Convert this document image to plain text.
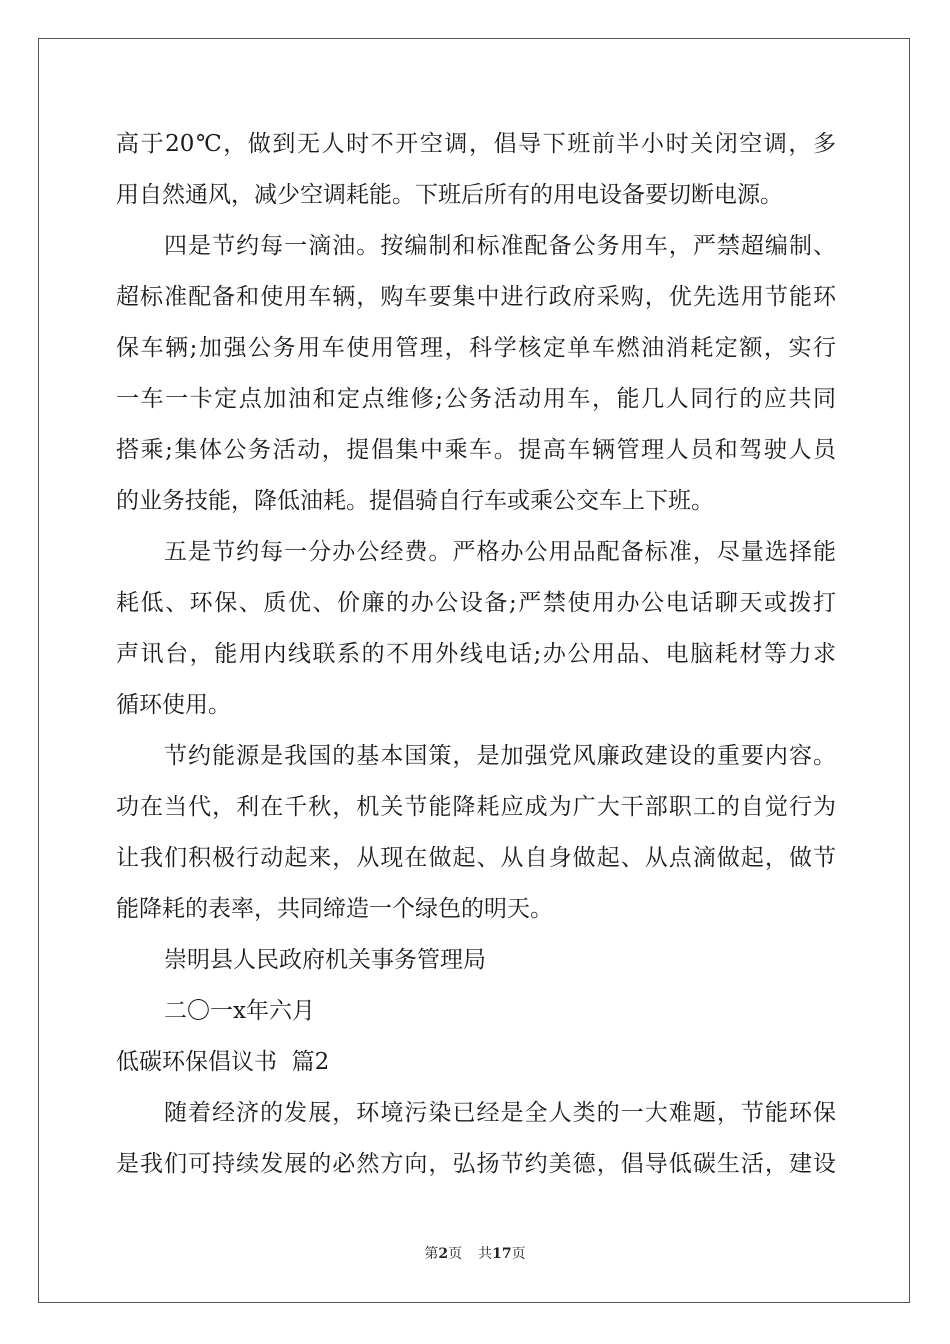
高于20℃，做到无人时不开空调，倡导下班前半小时关闭空调，多
用自然通风，减少空调耗能。下班后所有的用电设备要切断电源。
四是节约每一滴油。按编制和标准配备公务用车，严禁超编制、
超标准配备和使用车辆，购车要集中进行政府采购，优先选用节能环
保车辆;加强公务用车使用管理，科学核定单车燃油消耗定额，实行
一车一卡定点加油和定点维修;公务活动用车，能几人同行的应共同
搭乘;集体公务活动，提倡集中乘车。提高车辆管理人员和驾驶人员
的业务技能，降低油耗。提倡骑自行车或乘公交车上下班。
五是节约每一分办公经费。严格办公用品配备标准，尽量选择能
耗低、环保、质优、价廉的办公设备;严禁使用办公电话聊天或拨打
声讯台，能用内线联系的不用外线电话;办公用品、电脑耗材等力求
循环使用。
节约能源是我国的基本国策，是加强党风廉政建设的重要内容。
功在当代，利在千秋，机关节能降耗应成为广大干部职工的自觉行为
让我们积极行动起来，从现在做起、从自身做起、从点滴做起，做节
能降耗的表率，共同缔造一个绿色的明天。
崇明县人民政府机关事务管理局
二〇一x年六月
低碳环保倡议书  篇2
随着经济的发展，环境污染已经是全人类的一大难题，节能环保
是我们可持续发展的必然方向，弘扬节约美德，倡导低碳生活，建设
第2页 共17页
